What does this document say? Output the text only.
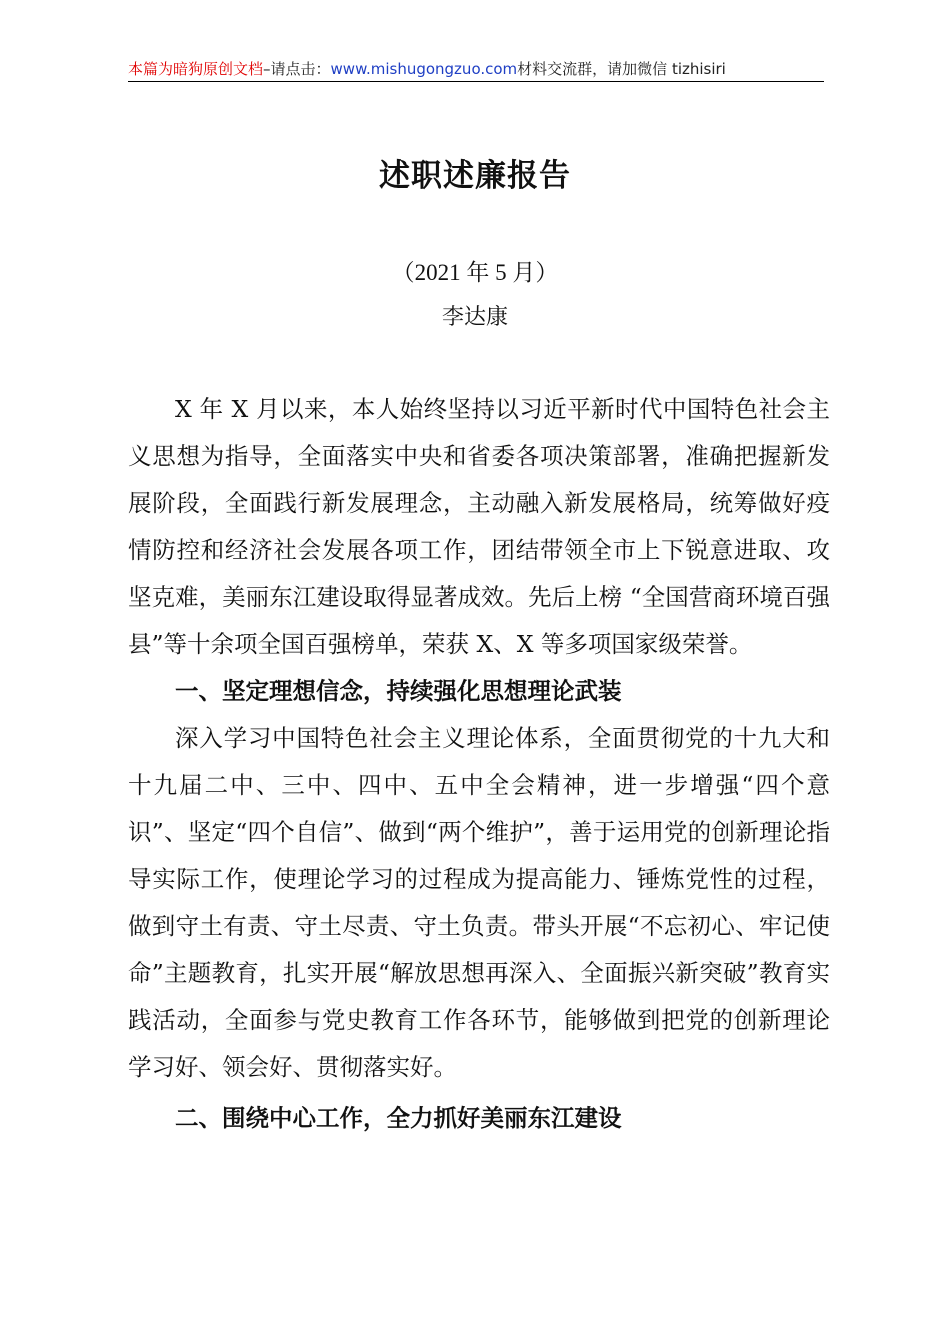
本篇为暗狗原创文档–请点击：www.mishugongzuo.com材料交流群，请加微信 tizhisiri
述职述廉报告
（2021 年 5 月）
李达康

X 年 X 月以来，本人始终坚持以习近平新时代中国特色社会主义思想为指导，全面落实中央和省委各项决策部署，准确把握新发展阶段，全面践行新发展理念，主动融入新发展格局，统筹做好疫情防控和经济社会发展各项工作，团结带领全市上下锐意进取、攻坚克难，美丽东江建设取得显著成效。先后上榜 “全国营商环境百强县”等十余项全国百强榜单，荣获 X、X 等多项国家级荣誉。

一、坚定理想信念，持续强化思想理论武装

深入学习中国特色社会主义理论体系，全面贯彻党的十九大和十九届二中、三中、四中、五中全会精神，进一步增强“四个意识”、坚定“四个自信”、做到“两个维护”，善于运用党的创新理论指导实际工作，使理论学习的过程成为提高能力、锤炼党性的过程，做到守土有责、守土尽责、守土负责。带头开展“不忘初心、牢记使命”主题教育，扎实开展“解放思想再深入、全面振兴新突破”教育实践活动，全面参与党史教育工作各环节，能够做到把党的创新理论学习好、领会好、贯彻落实好。

二、围绕中心工作，全力抓好美丽东江建设
